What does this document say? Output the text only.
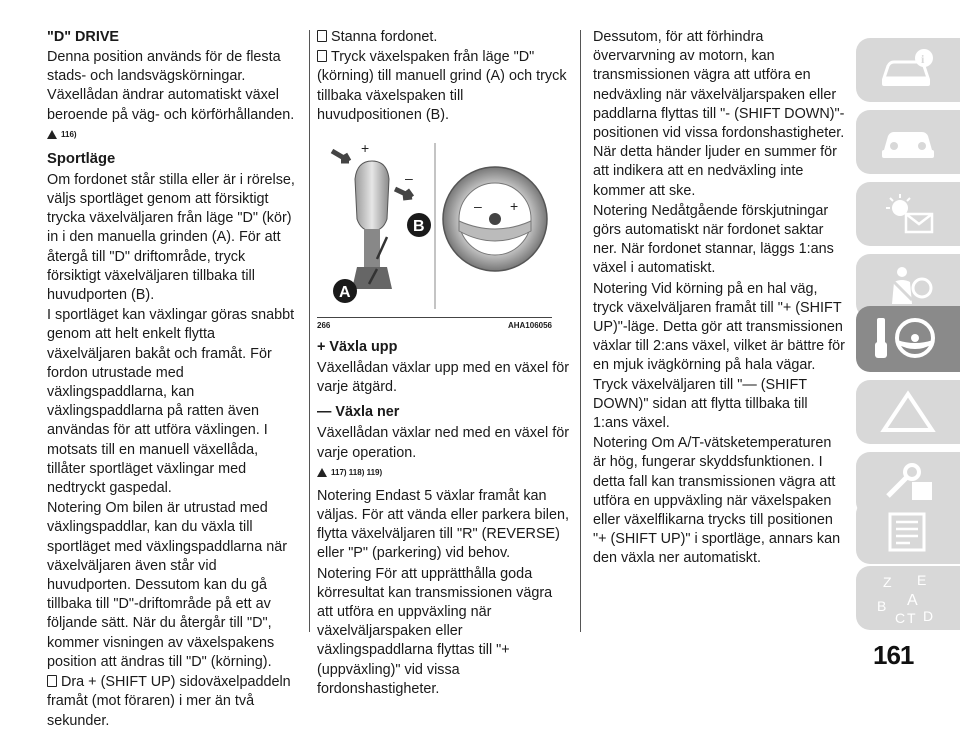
"D" DRIVE

Denna position används för de flesta stads- och landsvägskörningar. Växellådan ändrar automatiskt växel beroende på väg- och körförhållanden.

116)
Sportläge

Om fordonet står stilla eller är i rörelse, väljs sportläget genom att försiktigt trycka växelväljaren från läge "D" (kör) in i den manuella grinden (A). För att återgå till "D" driftområde, tryck försiktigt växelväljaren tillbaka till huvudporten (B).

I sportläget kan växlingar göras snabbt genom att helt enkelt flytta växelväljaren bakåt och framåt. För fordon utrustade med växlingspaddlarna, kan växlingspaddlarna på ratten även användas för att utföra växlingen. I motsats till en manuell växellåda, tillåter sportläget växlingar med nedtryckt gaspedal.

Notering Om bilen är utrustad med växlingspaddlar, kan du växla till sportläget med växlingspaddlarna när växelväljaren även står vid huvudporten. Dessutom kan du gå tillbaka till "D"-driftområde på ett av följande sätt. När du återgår till "D", kommer visningen av växelspakens position att ändras till "D" (körning).

Dra + (SHIFT UP) sidoväxelpaddeln framåt (mot föraren) i mer än två sekunder.

Stanna fordonet.

Tryck växelspaken från läge "D" (körning) till manuell grind (A) och tryck tillbaka växelspaken till huvudpositionen (B).

+
–
B
A
– +
266	AHA106056
+ Växla upp

Växellådan växlar upp med en växel för varje ätgärd.

— Växla ner

Växellådan växlar ned med en växel för varje operation.

117) 118) 119)

Notering Endast 5 växlar framåt kan väljas. För att vända eller parkera bilen, flytta växelväljaren till "R" (REVERSE) eller "P" (parkering) vid behov.

Notering För att upprätthålla goda körresultat kan transmissionen vägra att utföra en uppväxling när växelväljarspaken eller växlingspaddlarna flyttas till "+ (uppväxling)" vid vissa fordonshastigheter.

Dessutom, för att förhindra övervarvning av motorn, kan transmissionen vägra att utföra en nedväxling när växelväljarspaken eller paddlarna flyttas till "- (SHIFT DOWN)"-positionen vid vissa fordonshastigheter. När detta händer ljuder en summer för att indikera att en nedväxling inte kommer att ske.

Notering Nedåtgående förskjutningar görs automatiskt när fordonet saktar ner. När fordonet stannar, läggs 1:ans växel i automatiskt.

Notering Vid körning på en hal väg, tryck växelväljaren framåt till "+ (SHIFT UP)"-läge. Detta gör att transmissionen växlar till 2:ans växel, vilket är bättre för en mjuk ivägkörning på hala vägar. Tryck växelväljaren till "— (SHIFT DOWN)" sidan att flytta tillbaka till 1:ans växel.

Notering Om A/T-vätsketemperaturen är hög, fungerar skyddsfunktionen. I detta fall kan transmissionen vägra att utföra en uppväxling när växelspaken eller växelflikarna trycks till positionen "+ (SHIFT UP)" i sportläge, annars kan den växla ner automatiskt.

i
Z E
B A
C T D
161
